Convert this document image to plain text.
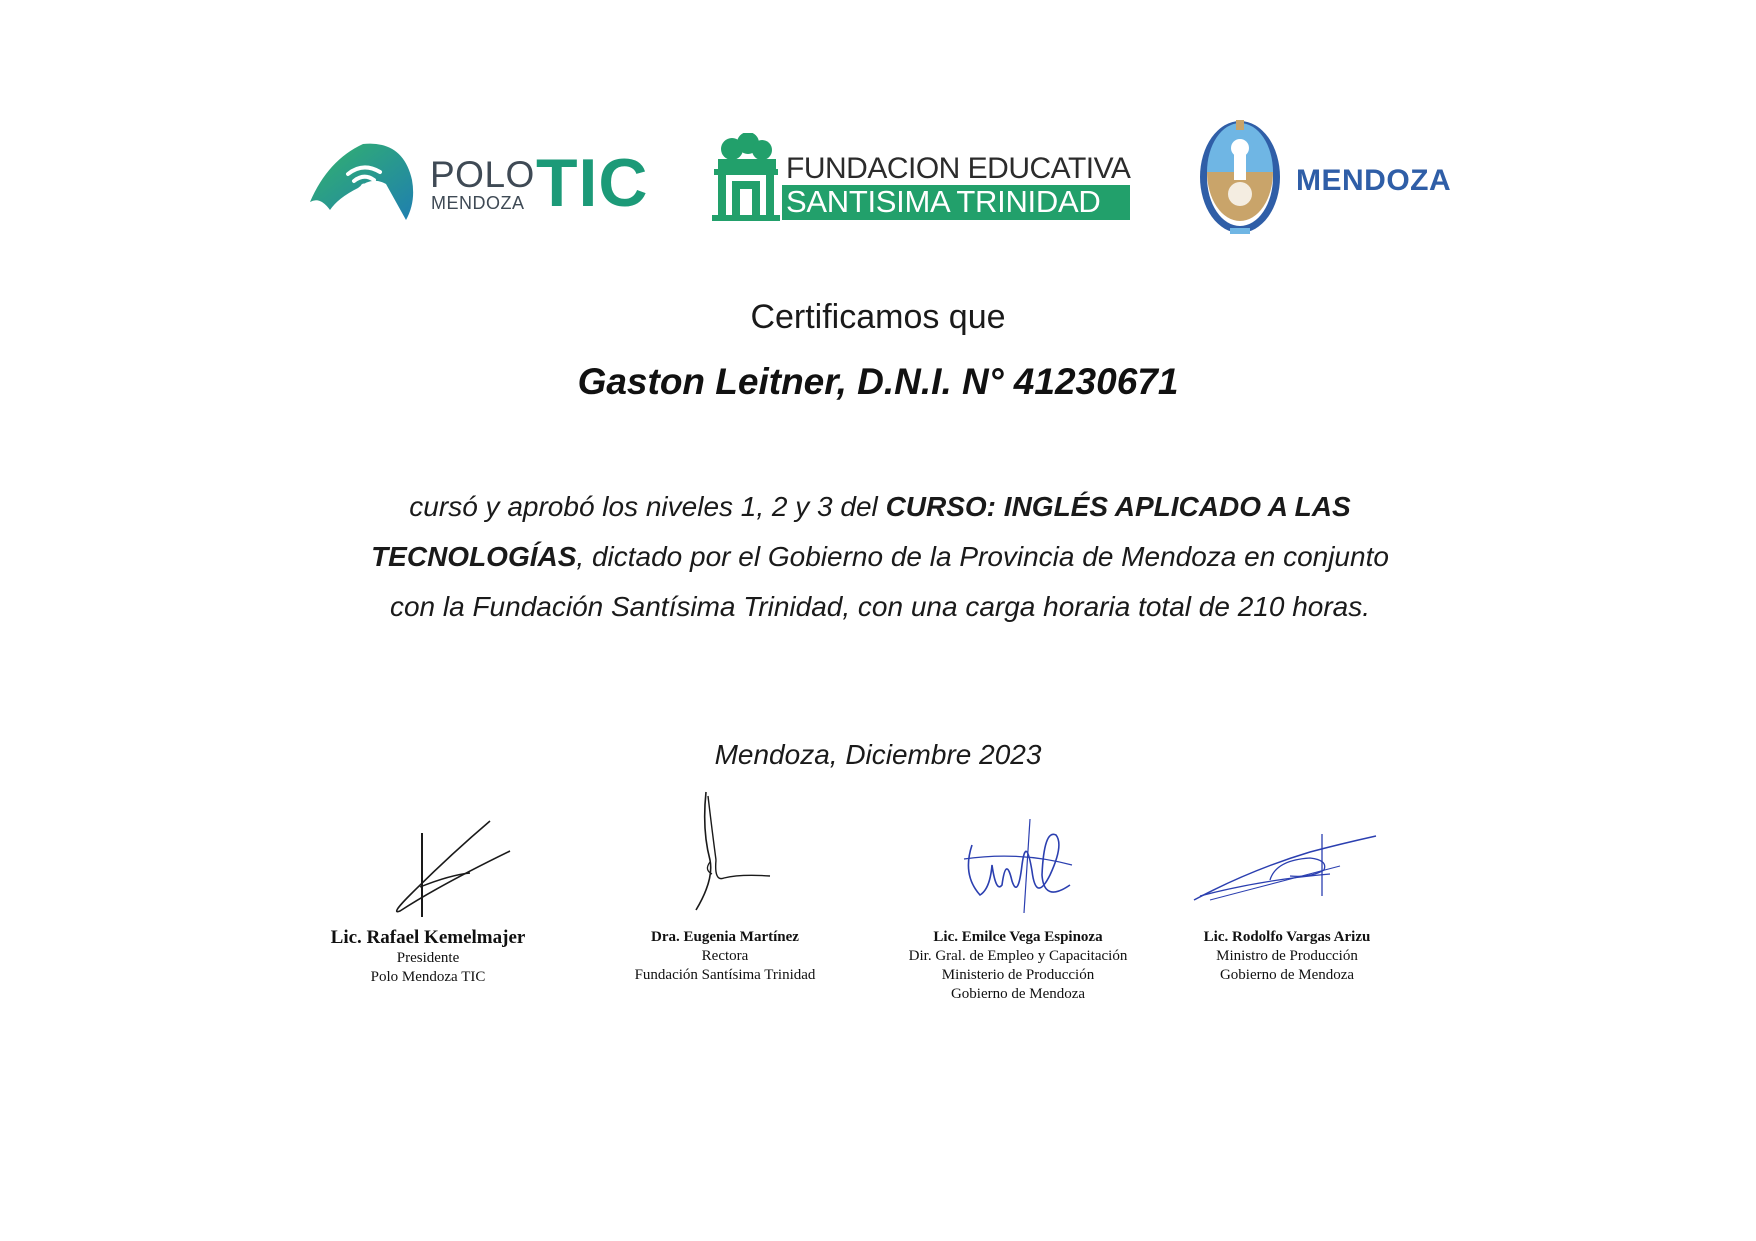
POLO
MENDOZA TIC	FUNDACION EDUCATIVA
SANTISIMA TRINIDAD
MENDOZA
Certificamos que
Gaston Leitner, D.N.I. N° 41230671
cursó y aprobó los niveles 1, 2 y 3 del CURSO: INGLÉS APLICADO A LAS TECNOLOGÍAS, dictado por el Gobierno de la Provincia de Mendoza en conjunto con la Fundación Santísima Trinidad, con una carga horaria total de 210 horas.
Mendoza, Diciembre 2023
Lic. Rafael Kemelmajer
Presidente
Polo Mendoza TIC
Dra. Eugenia Martínez
Rectora
Fundación Santísima Trinidad
Lic. Emilce Vega Espinoza
Dir. Gral. de Empleo y Capacitación
Ministerio de Producción
Gobierno de Mendoza
Lic. Rodolfo Vargas Arizu
Ministro de Producción
Gobierno de Mendoza
